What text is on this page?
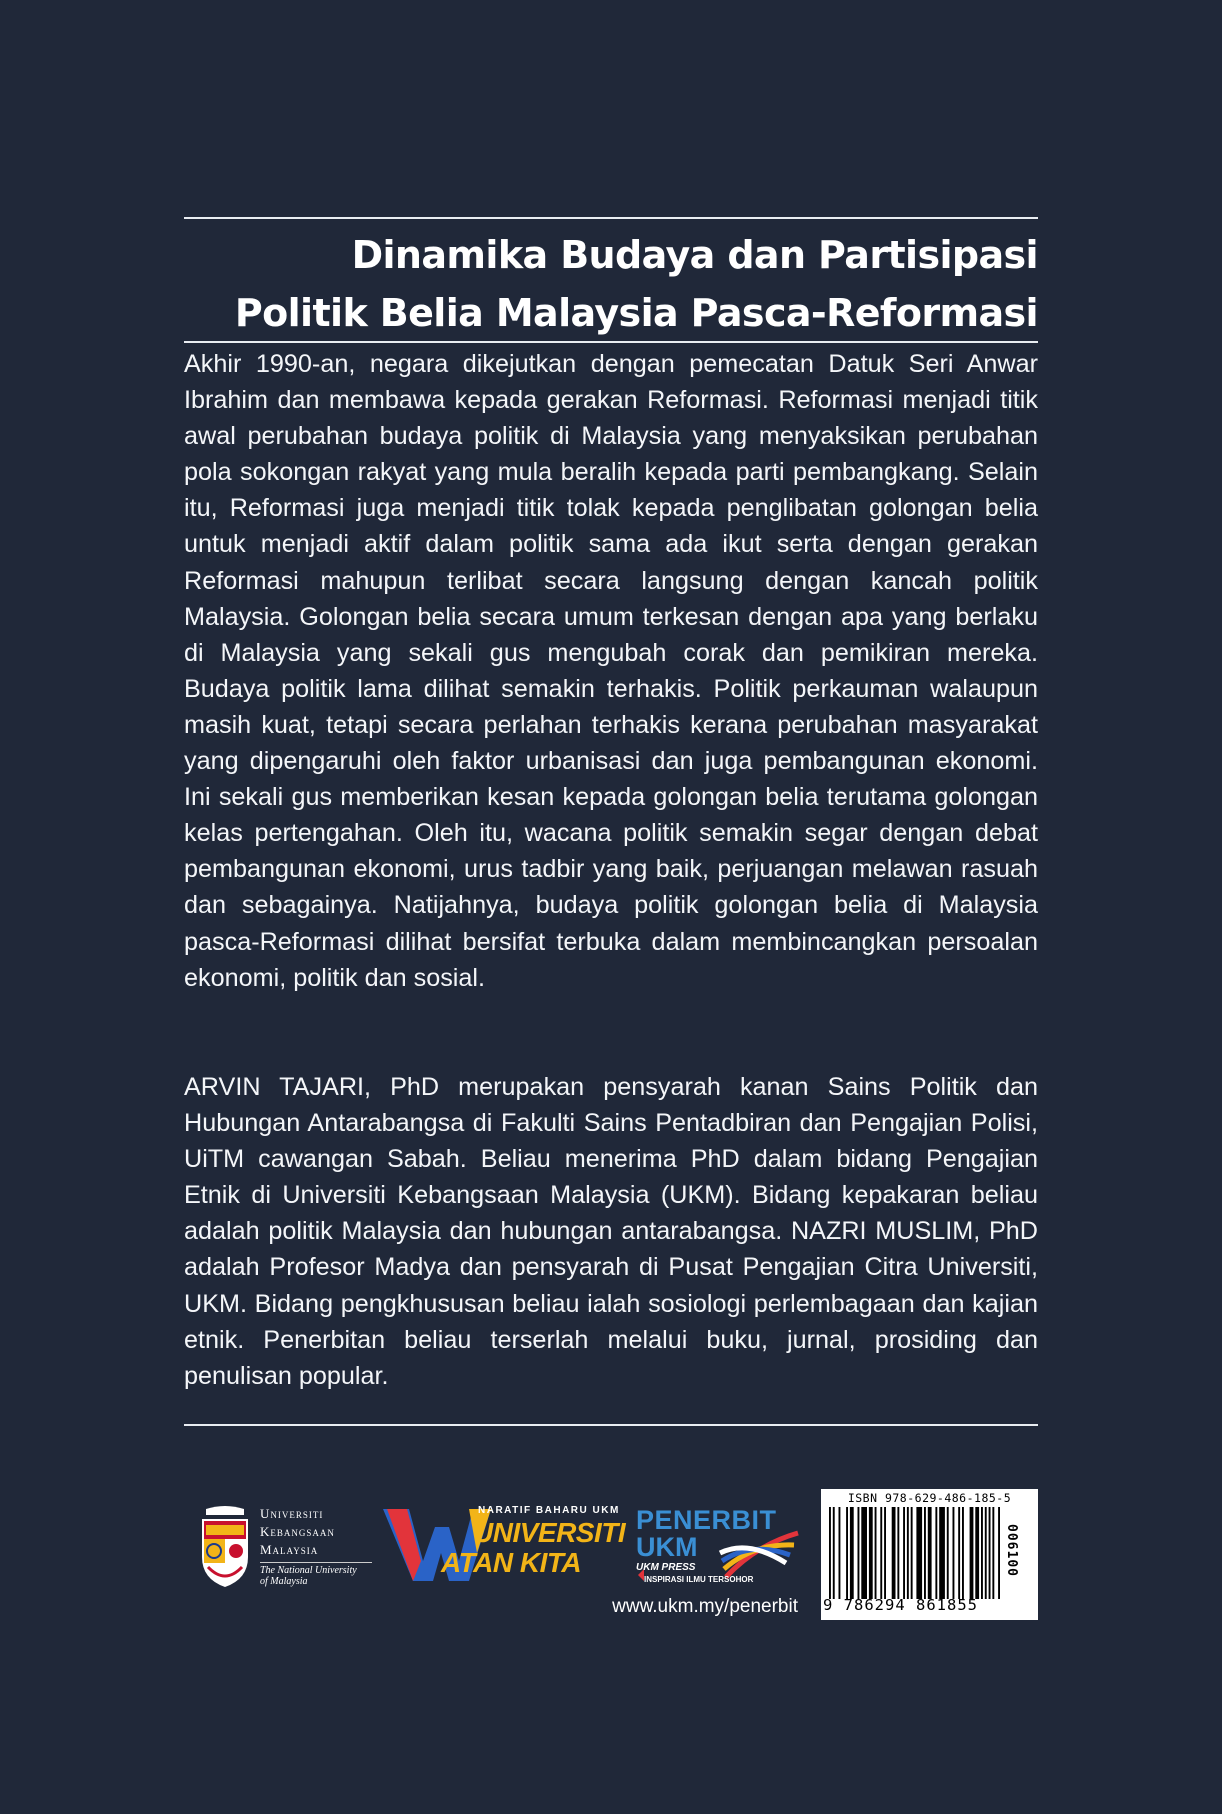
Dinamika Budaya dan Partisipasi
Politik Belia Malaysia Pasca-Reformasi

Akhir 1990-an, negara dikejutkan dengan pemecatan Datuk Seri Anwar Ibrahim dan membawa kepada gerakan Reformasi. Reformasi menjadi titik awal perubahan budaya politik di Malaysia yang menyaksikan perubahan pola sokongan rakyat yang mula beralih kepada parti pembangkang. Selain itu, Reformasi juga menjadi titik tolak kepada penglibatan golongan belia untuk menjadi aktif dalam politik sama ada ikut serta dengan gerakan Reformasi mahupun terlibat secara langsung dengan kancah politik Malaysia. Golongan belia secara umum terkesan dengan apa yang berlaku di Malaysia yang sekali gus mengubah corak dan pemikiran mereka. Budaya politik lama dilihat semakin terhakis. Politik perkauman walaupun masih kuat, tetapi secara perlahan terhakis kerana perubahan masyarakat yang dipengaruhi oleh faktor urbanisasi dan juga pembangunan ekonomi. Ini sekali gus memberikan kesan kepada golongan belia terutama golongan kelas pertengahan. Oleh itu, wacana politik semakin segar dengan debat pembangunan ekonomi, urus tadbir yang baik, perjuangan melawan rasuah dan sebagainya. Natijahnya, budaya politik golongan belia di Malaysia pasca-Reformasi dilihat bersifat terbuka dalam membincangkan persoalan ekonomi, politik dan sosial.

ARVIN TAJARI, PhD merupakan pensyarah kanan Sains Politik dan Hubungan Antarabangsa di Fakulti Sains Pentadbiran dan Pengajian Polisi, UiTM cawangan Sabah. Beliau menerima PhD dalam bidang Pengajian Etnik di Universiti Kebangsaan Malaysia (UKM). Bidang kepakaran beliau adalah politik Malaysia dan hubungan antarabangsa. NAZRI MUSLIM, PhD adalah Profesor Madya dan pensyarah di Pusat Pengajian Citra Universiti, UKM. Bidang pengkhususan beliau ialah sosiologi perlembagaan dan kajian etnik. Penerbitan beliau terserlah melalui buku, jurnal, prosiding dan penulisan popular.

Universiti
Kebangsaan
Malaysia
The National University
of Malaysia
NARATIF BAHARU UKM
UNIVERSITI
ATAN KITA
PENERBIT
UKM
UKM PRESS
INSPIRASI ILMU TERSOHOR
www.ukm.my/penerbit
ISBN 978-629-486-185-5
006100
9 786294 861855
